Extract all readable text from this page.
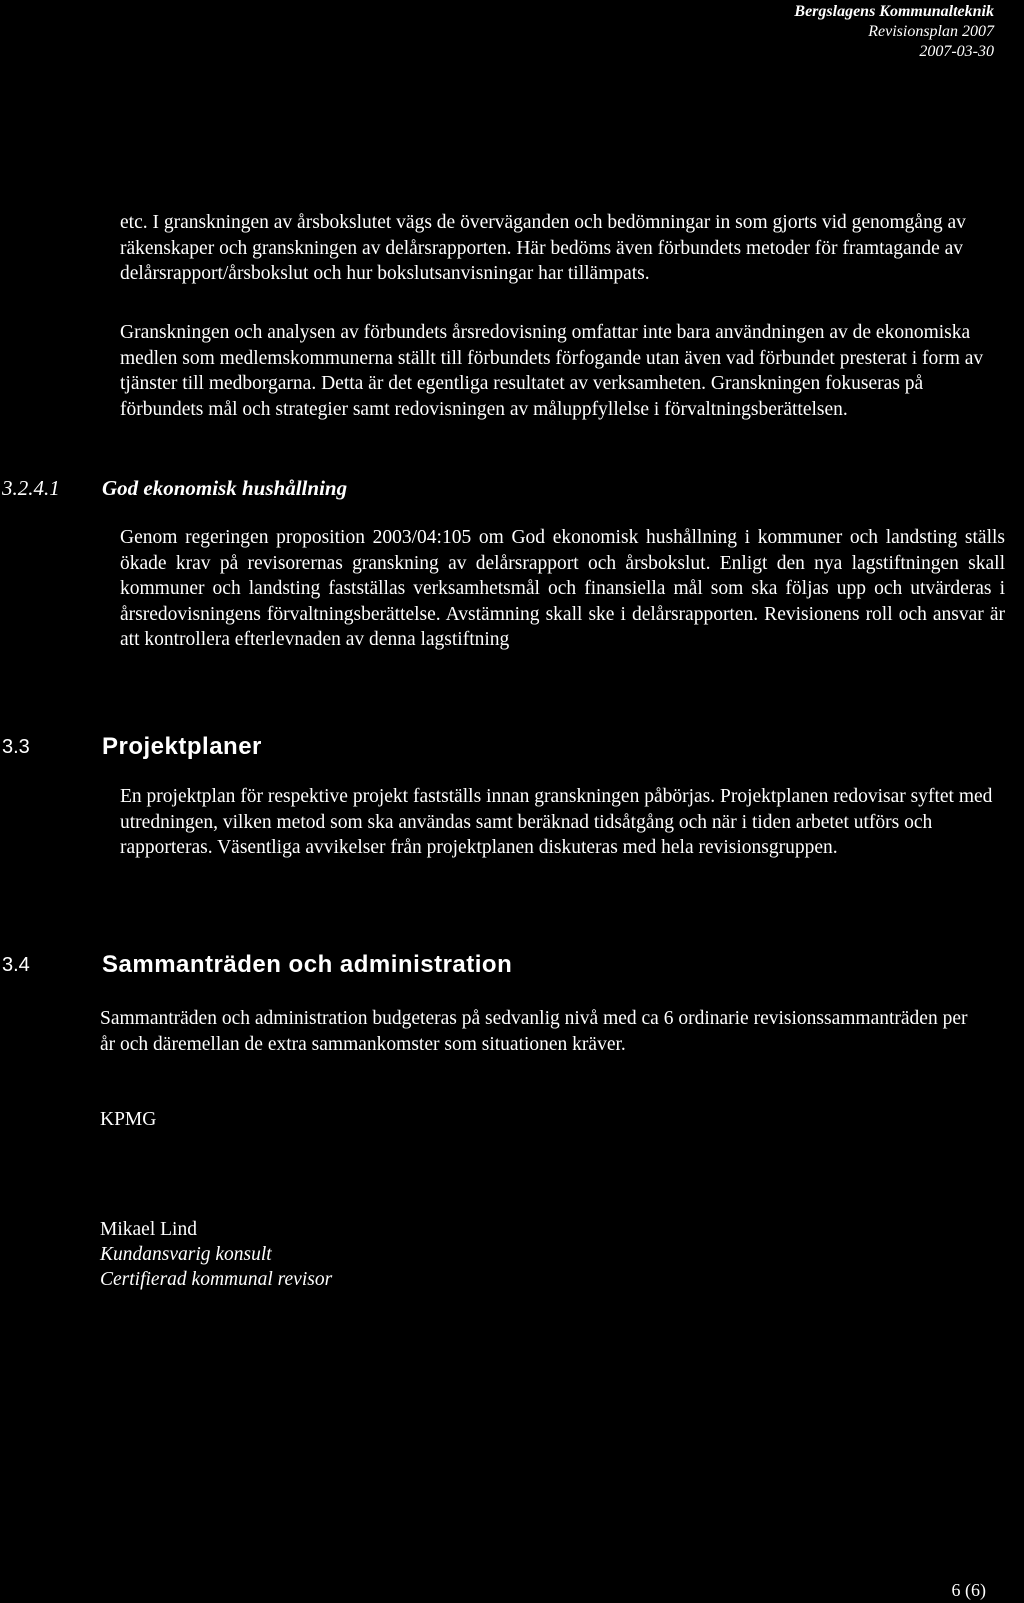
Bergslagens Kommunalteknik
Revisionsplan 2007
2007-03-30

etc. I granskningen av årsbokslutet vägs de överväganden och bedömningar in som gjorts vid genomgång av räkenskaper och granskningen av delårsrapporten. Här bedöms även förbundets metoder för framtagande av delårsrapport/årsbokslut och hur bokslutsanvisningar har tillämpats.

Granskningen och analysen av förbundets årsredovisning omfattar inte bara användningen av de ekonomiska medlen som medlemskommunerna ställt till förbundets förfogande utan även vad förbundet presterat i form av tjänster till medborgarna. Detta är det egentliga resultatet av verksamheten. Granskningen fokuseras på förbundets mål och strategier samt redovisningen av måluppfyllelse i förvaltningsberättelsen.

3.2.4.1 God ekonomisk hushållning

Genom regeringen proposition 2003/04:105 om God ekonomisk hushållning i kommuner och landsting ställs ökade krav på revisorernas granskning av delårsrapport och årsbokslut. Enligt den nya lagstiftningen skall kommuner och landsting fastställas verksamhetsmål och finansiella mål som ska följas upp och utvärderas i årsredovisningens förvaltningsberättelse. Avstämning skall ske i delårsrapporten. Revisionens roll och ansvar är att kontrollera efterlevnaden av denna lagstiftning

3.3	Projektplaner

En projektplan för respektive projekt fastställs innan granskningen påbörjas. Projektplanen redovisar syftet med utredningen, vilken metod som ska användas samt beräknad tidsåtgång och när i tiden arbetet utförs och rapporteras. Väsentliga avvikelser från projektplanen diskuteras med hela revisionsgruppen.

3.4	Sammanträden och administration

Sammanträden och administration budgeteras på sedvanlig nivå med ca 6 ordinarie revisionssammanträden per år och däremellan de extra sammankomster som situationen kräver.

KPMG

Mikael Lind
Kundansvarig konsult
Certifierad kommunal revisor

6 (6)
